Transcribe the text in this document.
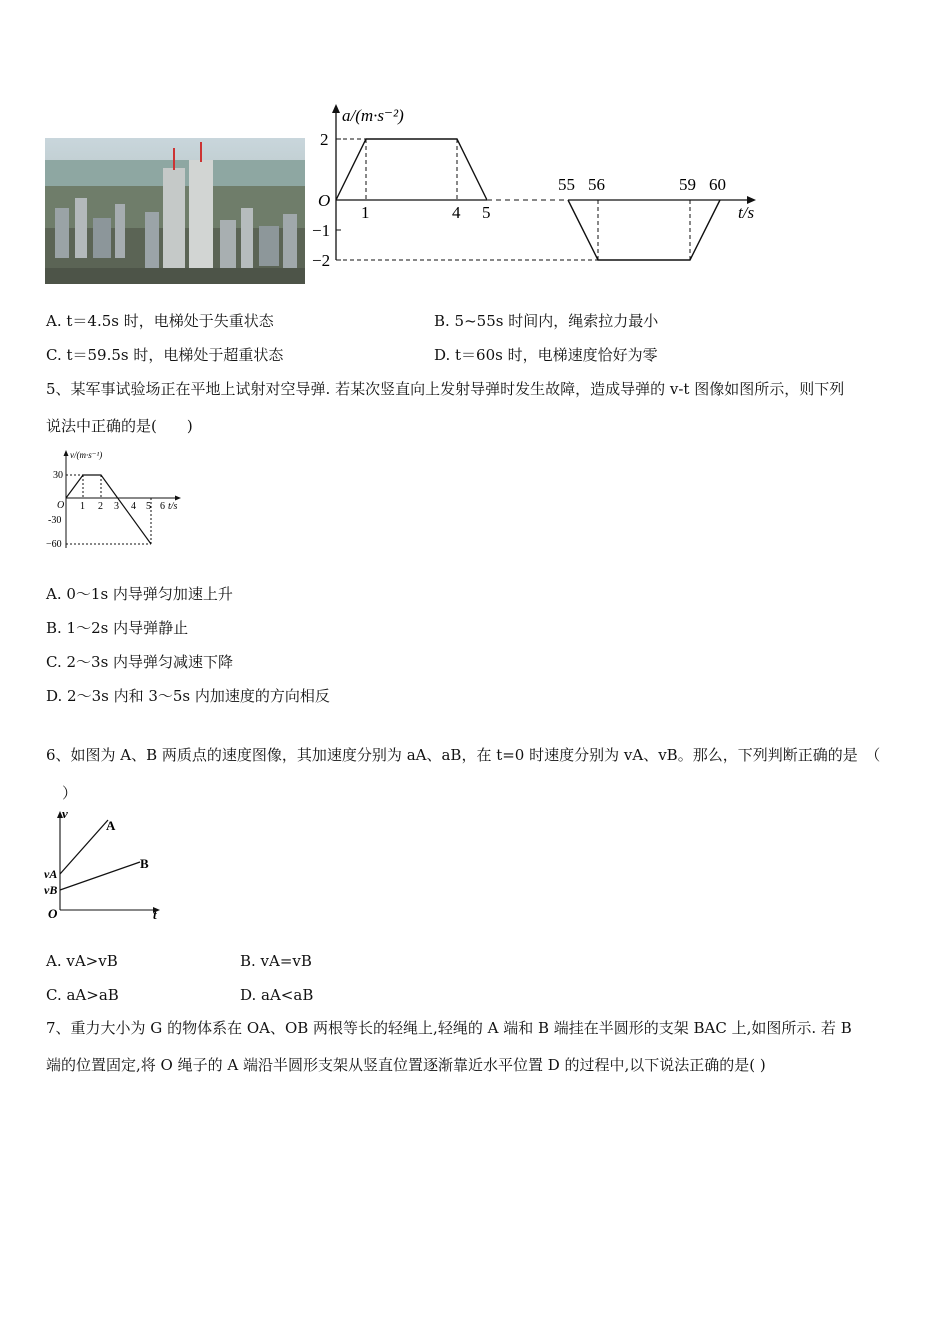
a/(m·s⁻²)
t/s
O
2
−1
−2
1	4 5
55 56	59 60
A. t＝4.5s 时，电梯处于失重状态	B. 5~55s 时间内，绳索拉力最小
C. t＝59.5s 时，电梯处于超重状态	D. t＝60s 时，电梯速度恰好为零
5、某军事试验场正在平地上试射对空导弹. 若某次竖直向上发射导弹时发生故障，造成导弹的 v-t 图像如图所示，则下列
说法中正确的是(　　)
v/(m·s⁻¹)
t/s
O
30
-30
−60
1 2 3 4 5 6
A. 0～1s 内导弹匀加速上升
B. 1～2s 内导弹静止
C. 2～3s 内导弹匀减速下降
D. 2～3s 内和 3～5s 内加速度的方向相反
6、如图为 A、B 两质点的速度图像，其加速度分别为 aA、aB，在 t=0 时速度分别为 vA、vB。那么，下列判断正确的是　（
）
v
t
O
A
B
vA
vB
A. vA>vB	B. vA=vB
C. aA>aB	D. aA<aB
7、重力大小为 G 的物体系在 OA、OB 两根等长的轻绳上,轻绳的 A 端和 B 端挂在半圆形的支架 BAC 上,如图所示. 若 B
端的位置固定,将 O 绳子的 A 端沿半圆形支架从竖直位置逐渐靠近水平位置 D 的过程中,以下说法正确的是( )
